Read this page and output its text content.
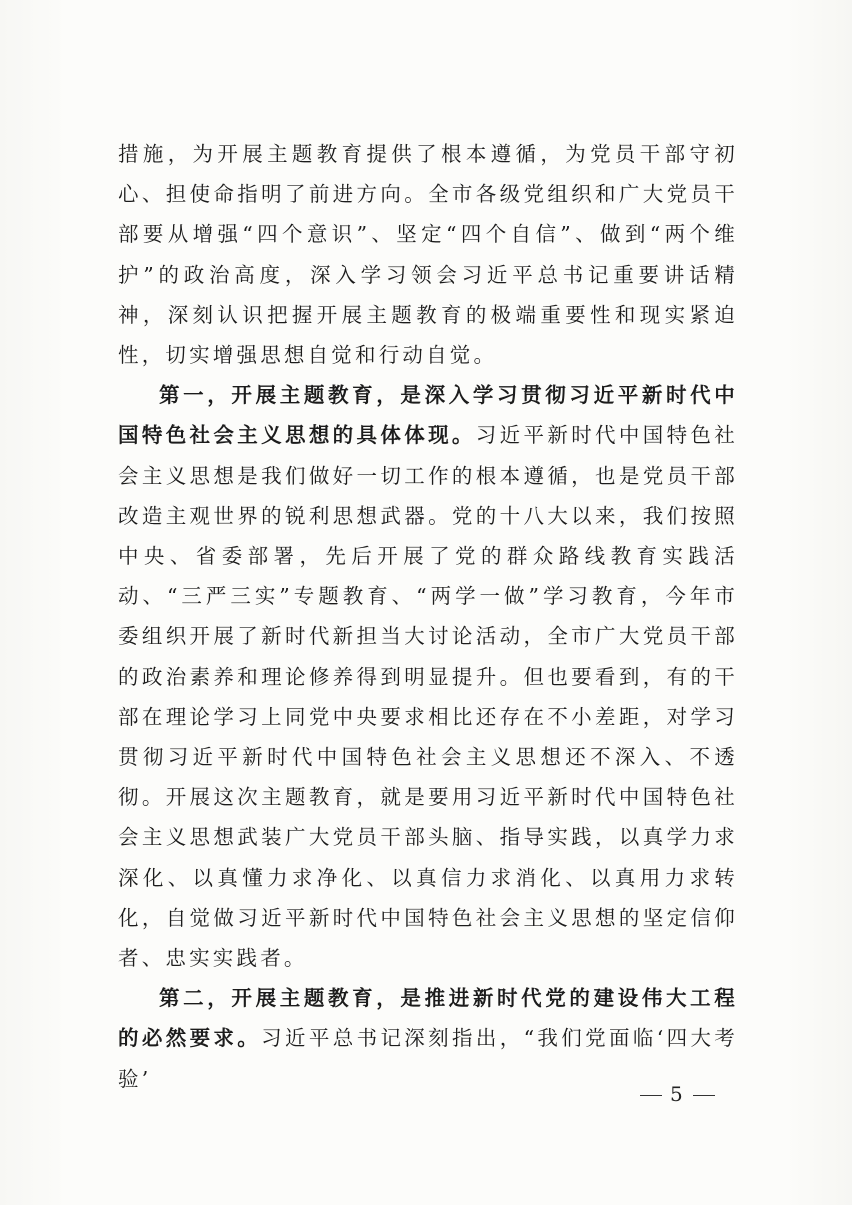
措施，为开展主题教育提供了根本遵循，为党员干部守初心、担使命指明了前进方向。全市各级党组织和广大党员干部要从增强“四个意识”、坚定“四个自信”、做到“两个维护”的政治高度，深入学习领会习近平总书记重要讲话精神，深刻认识把握开展主题教育的极端重要性和现实紧迫性，切实增强思想自觉和行动自觉。

第一，开展主题教育，是深入学习贯彻习近平新时代中国特色社会主义思想的具体体现。习近平新时代中国特色社会主义思想是我们做好一切工作的根本遵循，也是党员干部改造主观世界的锐利思想武器。党的十八大以来，我们按照中央、省委部署，先后开展了党的群众路线教育实践活动、“三严三实”专题教育、“两学一做”学习教育，今年市委组织开展了新时代新担当大讨论活动，全市广大党员干部的政治素养和理论修养得到明显提升。但也要看到，有的干部在理论学习上同党中央要求相比还存在不小差距，对学习贯彻习近平新时代中国特色社会主义思想还不深入、不透彻。开展这次主题教育，就是要用习近平新时代中国特色社会主义思想武装广大党员干部头脑、指导实践，以真学力求深化、以真懂力求净化、以真信力求消化、以真用力求转化，自觉做习近平新时代中国特色社会主义思想的坚定信仰者、忠实实践者。

第二，开展主题教育，是推进新时代党的建设伟大工程的必然要求。习近平总书记深刻指出，“我们党面临‘四大考验’

5
